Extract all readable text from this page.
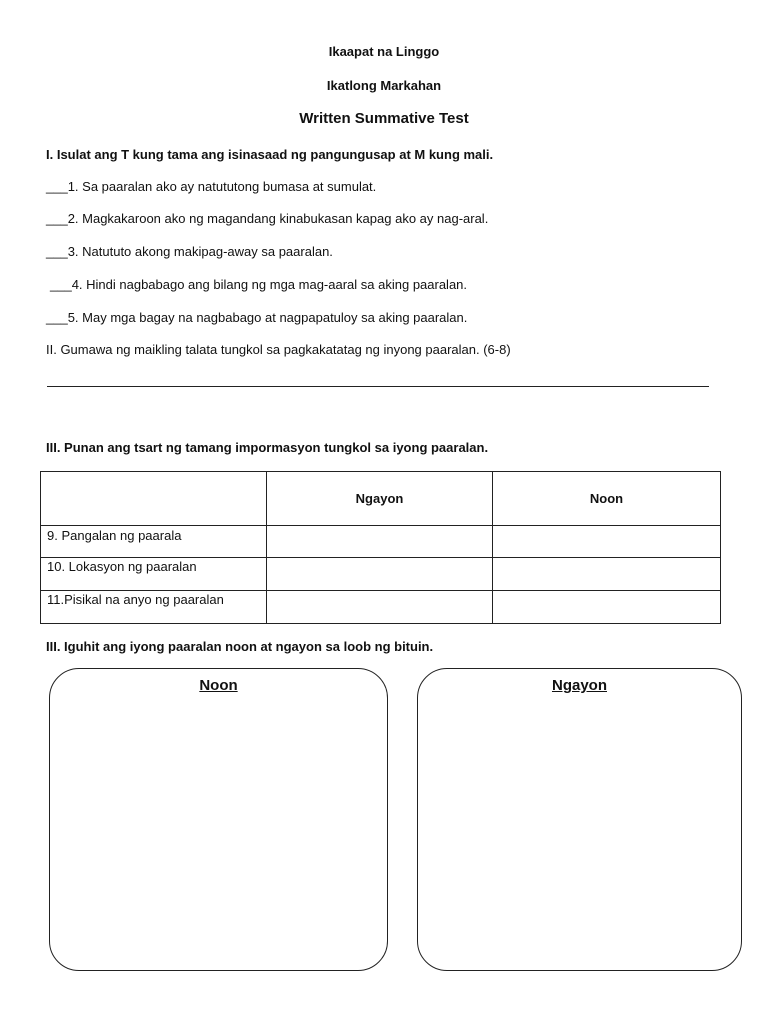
Ikaapat na Linggo
Ikatlong Markahan
Written Summative Test
I. Isulat ang T kung tama ang isinasaad ng pangungusap at M kung mali.
___1. Sa paaralan ako ay natututong bumasa at sumulat.
___2. Magkakaroon ako ng magandang kinabukasan kapag ako ay nag-aral.
___3. Natututo akong makipag-away sa paaralan.
___4. Hindi nagbabago ang bilang ng mga mag-aaral sa aking paaralan.
___5. May mga bagay na nagbabago at nagpapatuloy sa aking paaralan.
II. Gumawa ng maikling talata tungkol sa pagkakatatag ng inyong paaralan. (6-8)
III. Punan ang tsart ng tamang impormasyon tungkol sa iyong paaralan.
	Ngayon	Noon
9. Pangalan ng paarala		
10. Lokasyon ng paaralan		
11.Pisikal na anyo ng paaralan		
III. Iguhit ang iyong paaralan noon at ngayon sa loob ng bituin.
Noon	Ngayon
